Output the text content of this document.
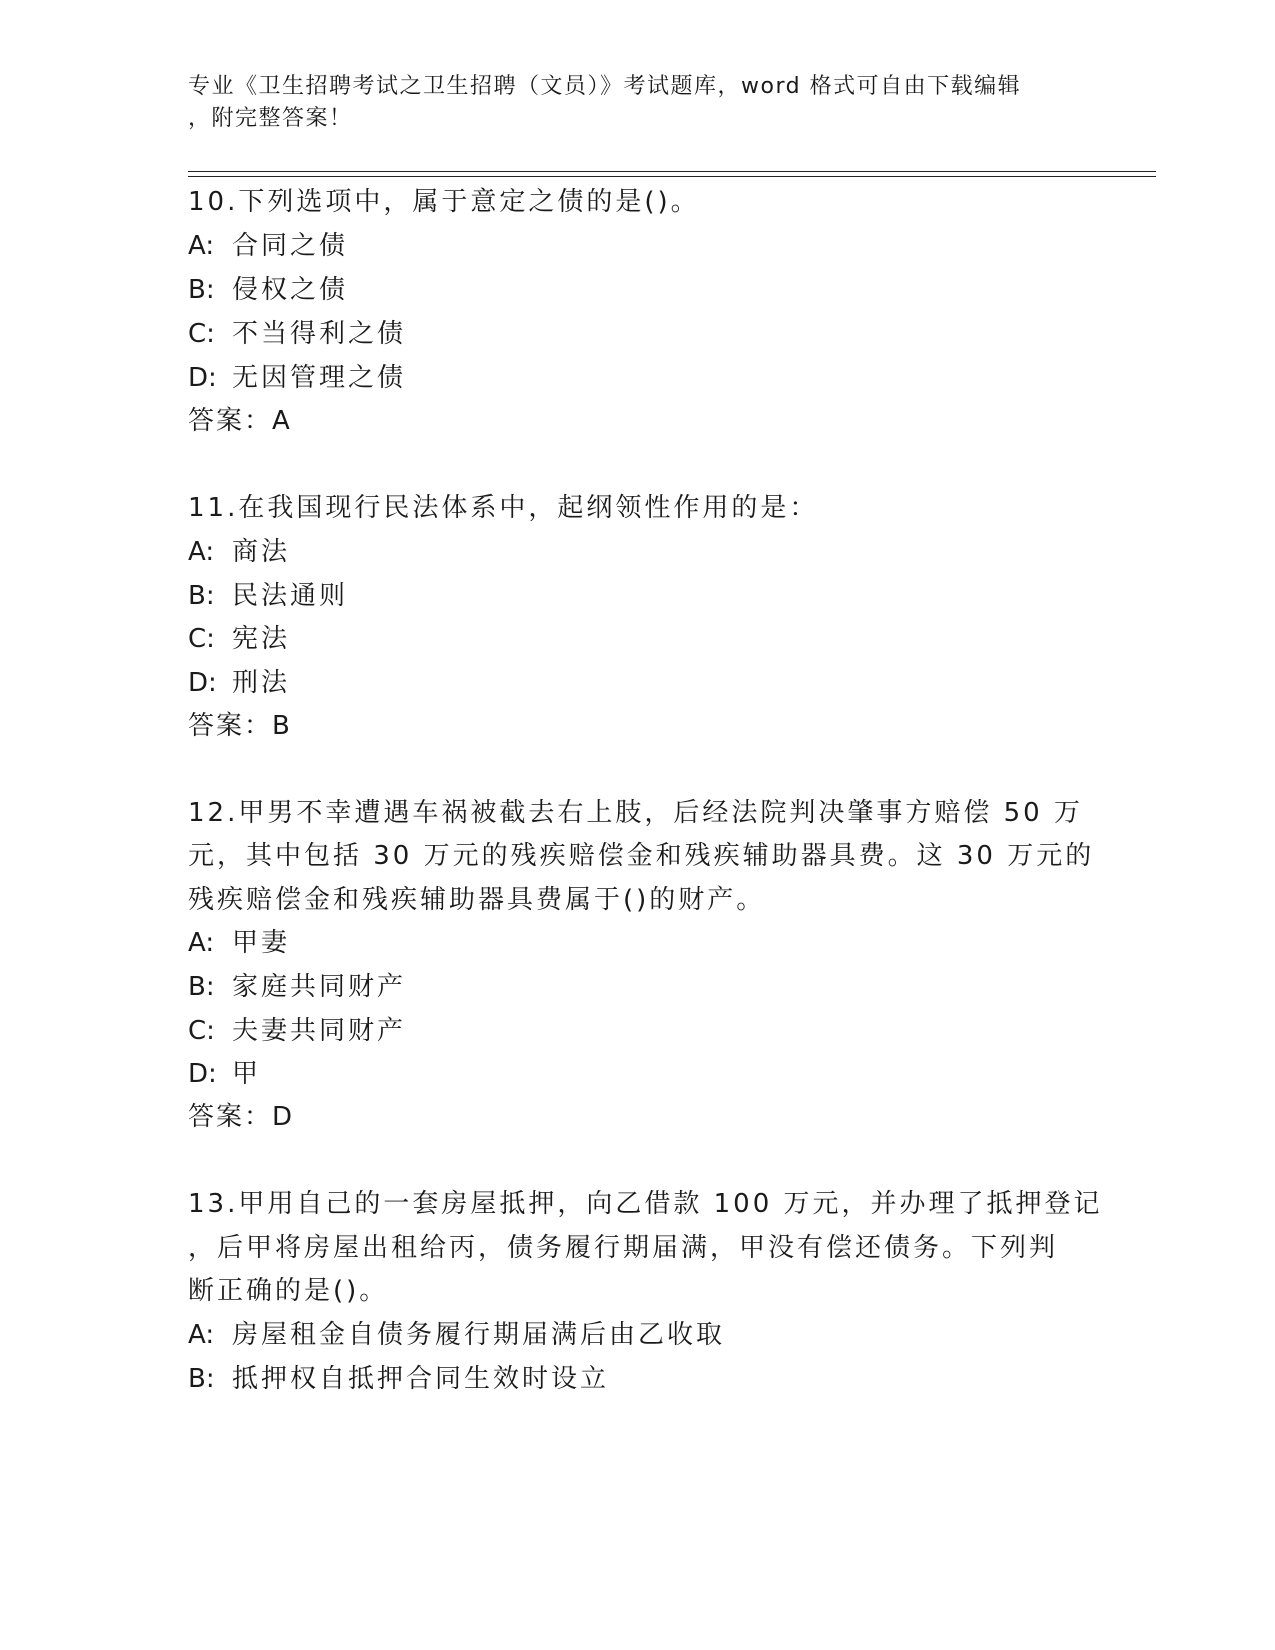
专业《卫生招聘考试之卫生招聘（文员）》考试题库，word 格式可自由下载编辑
，附完整答案！
10.下列选项中，属于意定之债的是()。
A: 合同之债
B: 侵权之债
C: 不当得利之债
D: 无因管理之债
答案：A
11.在我国现行民法体系中，起纲领性作用的是：
A: 商法
B: 民法通则
C: 宪法
D: 刑法
答案：B
12.甲男不幸遭遇车祸被截去右上肢，后经法院判决肇事方赔偿 50 万
元，其中包括 30 万元的残疾赔偿金和残疾辅助器具费。这 30 万元的
残疾赔偿金和残疾辅助器具费属于()的财产。
A: 甲妻
B: 家庭共同财产
C: 夫妻共同财产
D: 甲
答案：D
13.甲用自己的一套房屋抵押，向乙借款 100 万元，并办理了抵押登记
，后甲将房屋出租给丙，债务履行期届满，甲没有偿还债务。下列判
断正确的是()。
A: 房屋租金自债务履行期届满后由乙收取
B: 抵押权自抵押合同生效时设立
